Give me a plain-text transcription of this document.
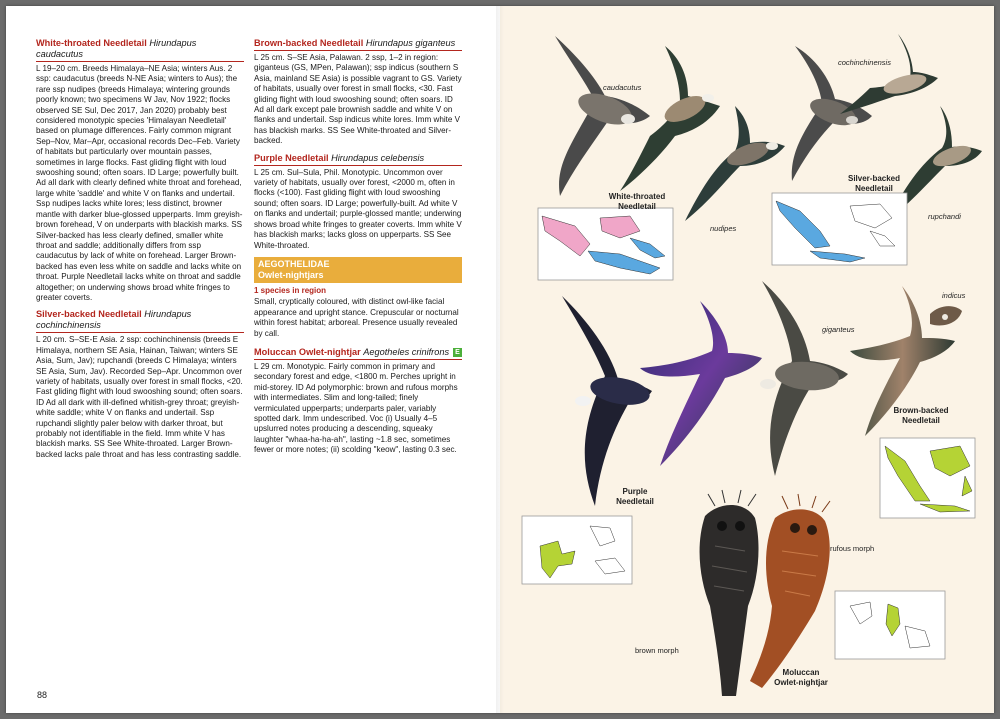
White-throated Needletail Hirundapus caudacutus
L 19–20 cm. Breeds Himalaya–NE Asia; winters Aus. 2 ssp: caudacutus (breeds N-NE Asia; winters to Aus); the rare ssp nudipes (breeds Himalaya; wintering grounds poorly known; two specimens W Jav, Nov 1922; flocks observed SE Sul, Dec 2017, Jan 2020) probably best considered monotypic species 'Himalayan Needletail' based on plumage differences. Fairly common migrant Sep–Nov, Mar–Apr, occasional records Dec–Feb. Variety of habitats but particularly over mountain passes, sometimes in large flocks. Fast gliding flight with loud swooshing sound; often soars. ID Large; powerfully built. Ad all dark with clearly defined white throat and forehead, large white 'saddle' and white V on flanks and undertail. Ssp nudipes lacks white lores; less distinct, browner mantle with darker blue-glossed upperparts. Imm greyish-brown forehead, V on underparts with blackish marks. SS Silver-backed has less clearly defined, smaller white throat and saddle; additionally differs from ssp caudacutus by lack of white on forehead. Larger Brown-backed has even less white on saddle and lacks white on throat. Purple Needletail lacks white on throat and saddle altogether; on underwing shows broad white fringes to greater coverts.
Silver-backed Needletail Hirundapus cochinchinensis
L 20 cm. S–SE-E Asia. 2 ssp: cochinchinensis (breeds E Himalaya, northern SE Asia, Hainan, Taiwan; winters SE Asia, Sum, Jav); rupchandi (breeds C Himalaya; winters SE Asia, Sum, Jav). Recorded Sep–Apr. Uncommon over variety of habitats, usually over forest in small flocks, <20. Fast gliding flight with loud swooshing sound; often soars. ID Ad all dark with ill-defined whitish-grey throat; greyish-white saddle; white V on flanks and undertail. Ssp rupchandi slightly paler below with darker throat, but probably not identifiable in the field. Imm white V has blackish marks. SS See White-throated. Larger Brown-backed lacks pale throat and has less contrasting saddle.
Brown-backed Needletail Hirundapus giganteus
L 25 cm. S–SE Asia, Palawan. 2 ssp, 1–2 in region: giganteus (GS, MPen, Palawan); ssp indicus (southern S Asia, mainland SE Asia) is possible vagrant to GS. Variety of habitats, usually over forest in small flocks, <30. Fast gliding flight with loud swooshing sound; often soars. ID Ad all dark except pale brownish saddle and white V on flanks and undertail. Ssp indicus white lores. Imm white V has blackish marks. SS See White-throated and Silver-backed.
Purple Needletail Hirundapus celebensis
L 25 cm. Sul–Sula, Phil. Monotypic. Uncommon over variety of habitats, usually over forest, <2000 m, often in flocks (<100). Fast gliding flight with loud swooshing sound; often soars. ID Large; powerfully-built. Ad white V on flanks and undertail; purple-glossed mantle; underwing shows broad white fringes to greater coverts. Imm white V has blackish marks; lacks gloss on upperparts. SS See White-throated.
AEGOTHELIDAE
Owlet-nightjars
1 species in region
Small, cryptically coloured, with distinct owl-like facial appearance and upright stance. Crepuscular or nocturnal within forest habitat; arboreal. Presence usually revealed by call.
Moluccan Owlet-nightjar Aegotheles crinifrons E
L 29 cm. Monotypic. Fairly common in primary and secondary forest and edge, <1800 m. Perches upright in mid-storey. ID Ad polymorphic: brown and rufous morphs with intermediates. Slim and long-tailed; finely vermiculated upperparts; underparts paler, variably spotted dark. Imm undescribed. Voc (i) Usually 4–5 upslurred notes producing a descending, squeaky laughter "whaa-ha-ha-ah", lasting ~1.8 sec, sometimes fewer or more notes; (ii) scolding "keow", lasting 0.3 sec.
88
caudacutus
White-throated Needletail
nudipes
cochinchinensis
Silver-backed Needletail
rupchandi
indicus
giganteus
Brown-backed Needletail
Purple Needletail
rufous morph
brown morph
Moluccan Owlet-nightjar
